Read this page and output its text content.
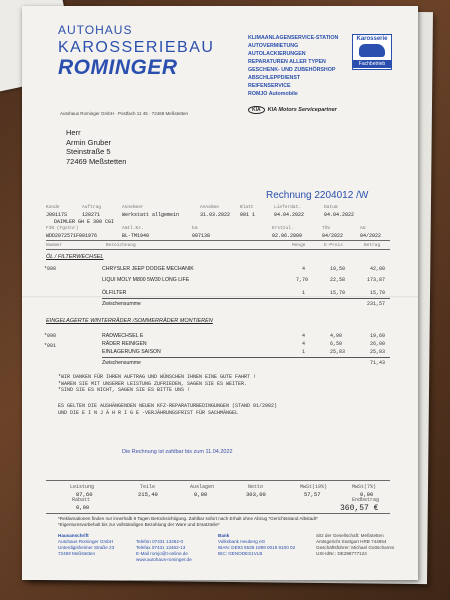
AUTOHAUS
KAROSSERIEBAU
ROMINGER
Autohaus Rominger GmbH · Postfach 11 45 · 72469 Meßstetten
KLIMAANLAGENSERVICE-STATION
AUTOVERMIETUNG
AUTOLACKIERUNGEN
REPARATUREN ALLER TYPEN
GESCHENK- UND ZUBEHÖRSHOP
ABSCHLEPPDIENST
REIFENSERVICE
ROMJO Automobile
Karosserie
Fachbetrieb
KIA KIA Motors Servicepartner
Herr
Armin Gruber
Steinstraße 5
72469 Meßstetten
Rechnung 2204012 /W
Kunde	Auftrag	Annehmer	Annahme	Blatt	Lieferdat.	Datum
J00117S	120271	Werkstatt allgemein	31.03.2022 001 1	04.04.2022	04.04.2022
DAIMLER GH E 300 CGI
FIN (Fgstnr)	Amtl.Kz.	km	Erstzul.	TÜV	AU
WDD2072571F001976	BL-TM1940	007138	02.06.2009	04/2022	04/2022
Nummer	Bezeichnung	Menge	E-Preis	Betrag
ÖL / FILTERWECHSEL
*098	CHRYSLER JEEP DODGE MECHANIK	4	10,50	42,00
LIQUI MOLY M800 5W30 LONG LIFE	7,70	22,58	173,87
ÖLFILTER	1	15,70	15,70
Zwischensumme	231,57
EINGELAGERTE WINTERRÄDER /SOMMERRÄDER MONTIEREN
*098	RADWECHSEL E	4	4,90	19,60
*001	RÄDER REINIGEN	4	6,50	26,00
EINLAGERUNG SAISON	1	25,83	25,83
Zwischensumme	71,43
*WIR DANKEN FÜR IHREN AUFTRAG UND WÜNSCHEN IHNEN EINE GUTE FAHRT !
*WAREN SIE MIT UNSERER LEISTUNG ZUFRIEDEN, SAGEN SIE ES WEITER.
*SIND SIE ES NICHT, SAGEN SIE ES BITTE UNS !
ES GELTEN DIE AUSHÄNGENDEN NEUEN KFZ-REPARATURBEDINGUNGEN (STAND 01/2002)
UND DIE E I N J Ä H R I G E -VERJÄHRUNGSFRIST FÜR SACHMÄNGEL
Die Rechnung ist zahlbar bis zum 11.04.2022
Leistung	Teile	Auslagen	Netto	MwSt(19%)	MwSt(7%)
87,60	215,40	0,00	303,00	57,57	0,00
Rabatt
0,00
Endbetrag
360,57 €
*Reklamationen finden nur innerhalb 8 Tagen Berücksichtigung. Zahlbar sofort nach Erhalt ohne Abzug *Gerichtsstand Albstadt*
*Eigentumsvorbehalt bis zur vollständigen Bezahlung der Ware und Ersatzteile*
Hausanschrift
Autohaus Rominger GmbH
Unterdigisheimer Straße 23
72469 Meßstetten
Telefon 07431 13462-0
Telefax 07431 13462-13
E-Mail romjo@t-online.de
www.autohaus-rominger.de
Bank
Volksbank Heuberg eG
IBAN: DE93 6536 1898 0019 9100 02
BIC: GENODES1VLB
Sitz der Gesellschaft: Meßstetten
Amtsgericht Stuttgart HRB 744854
Geschäftsführer: Michael Gottschamm
USt-IdNr.: DE298777124
